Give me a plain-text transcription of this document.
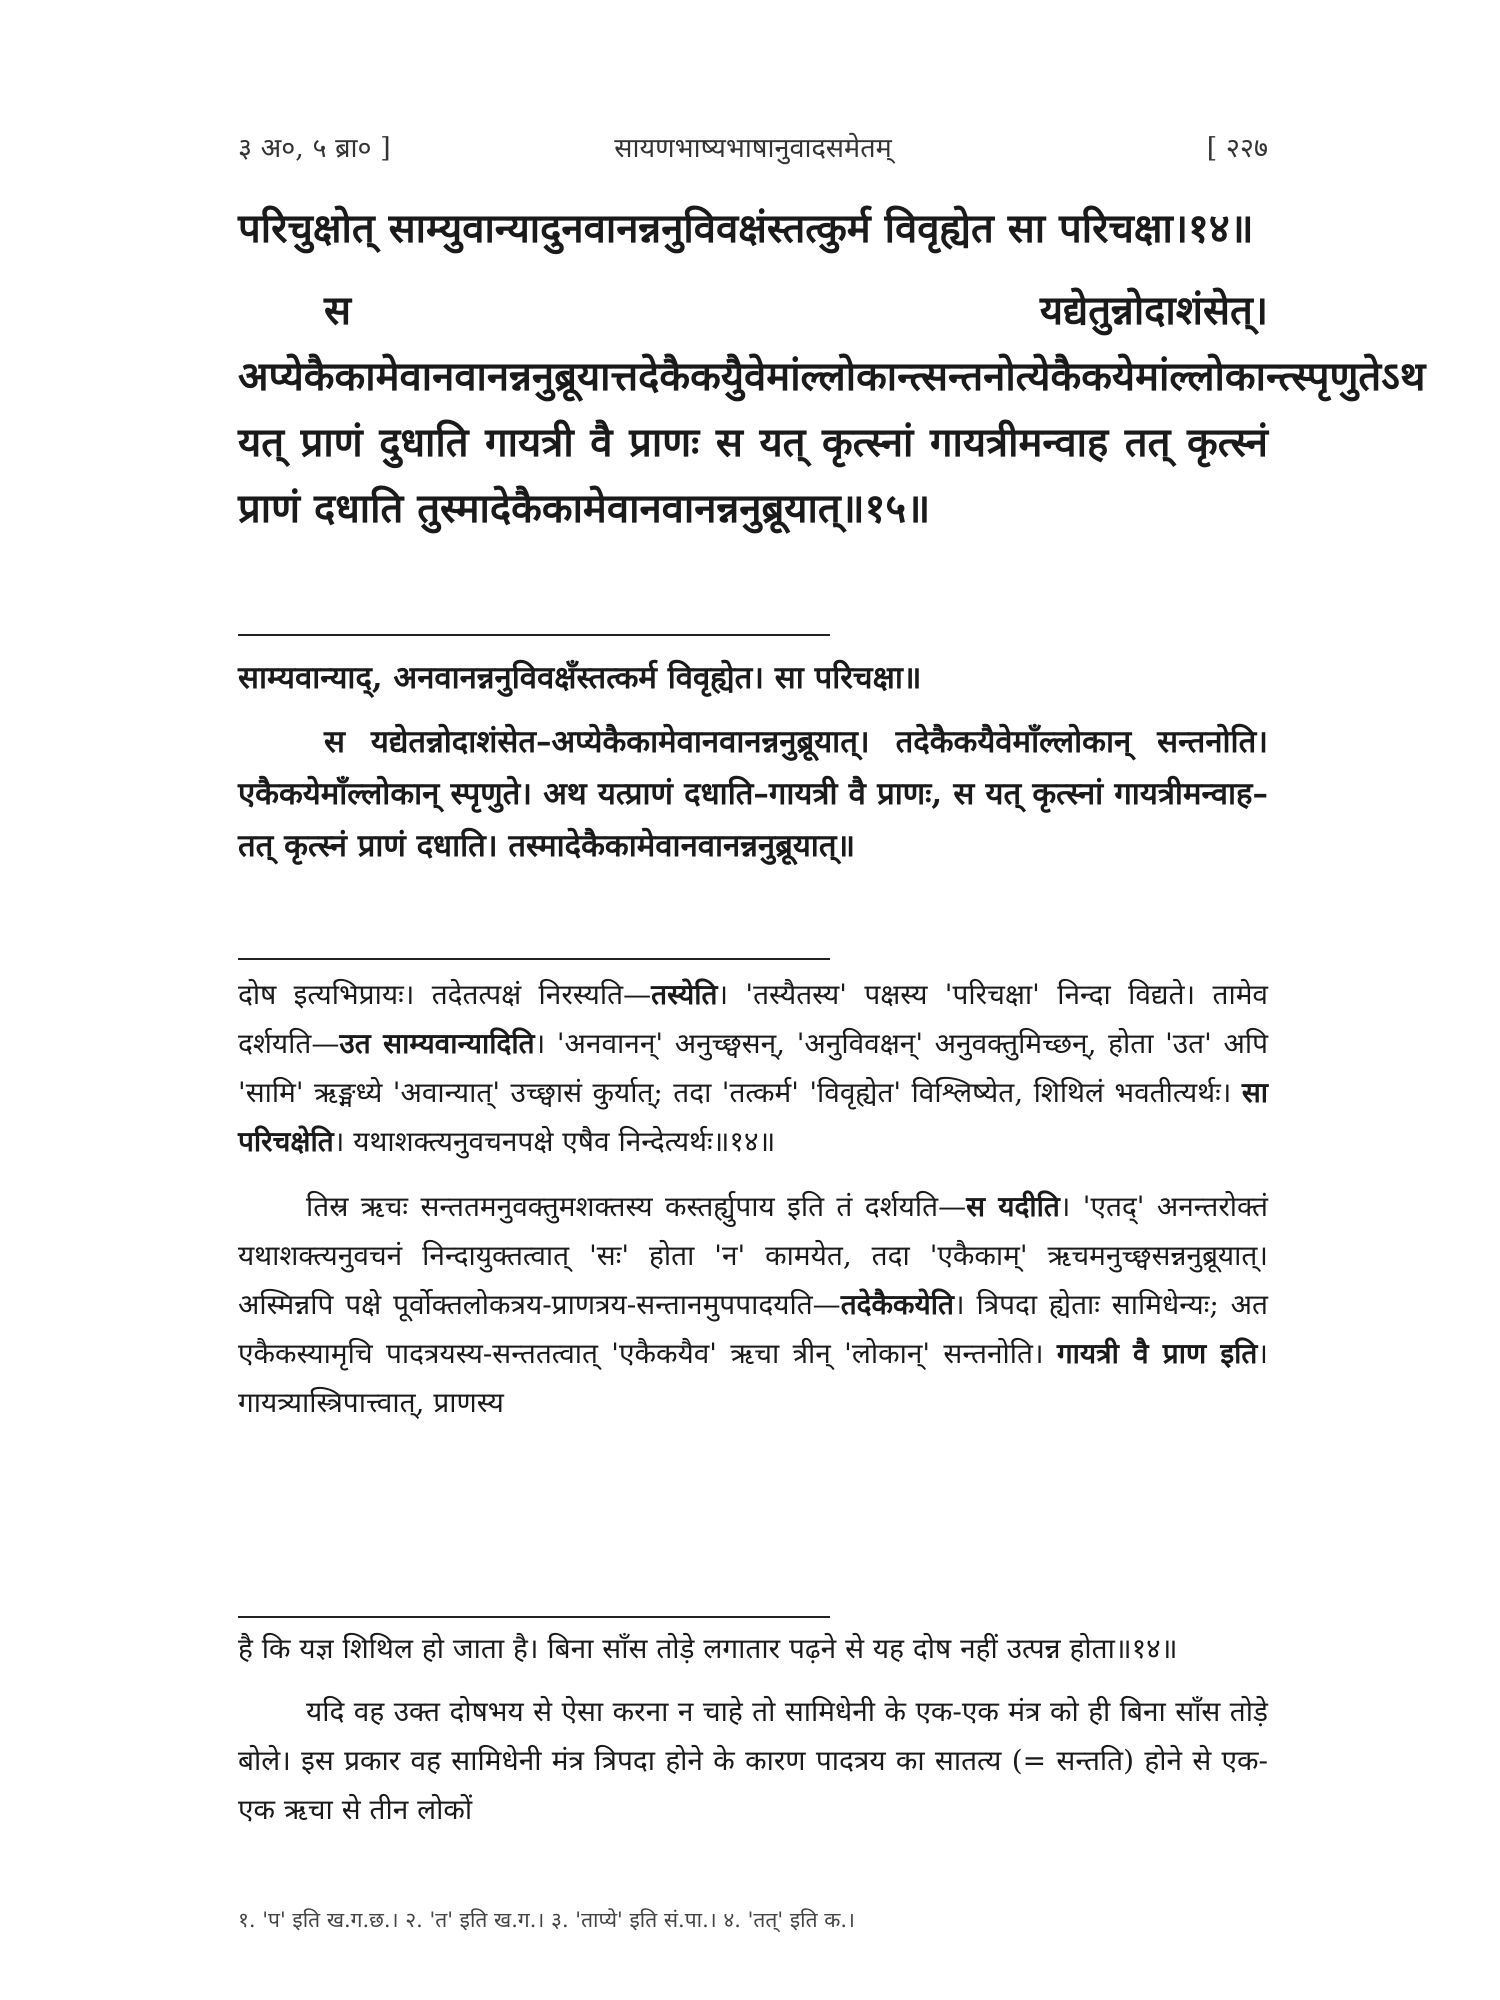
३ अ०, ५ ब्रा० ]	सायणभाष्यभाषानुवादसमेतम्	[ २२७
परिचुक्षोत् साम्युवान्यादुनवानन्ननुविवक्षंस्तत्कुर्म विवृह्येत सा परिचक्षा।१४॥
स यद्येतुन्नोदाशंसेत्। अप्येकैकामेवानवानन्ननुब्रूयात्तदेकैकयुैवेमांल्लोकान्त्सन्तनोत्येकैकयेमांल्लोकान्त्स्पृणुतेऽथ यत् प्राणं दुधाति गायत्री वै प्राणः स यत् कृत्स्नां गायत्रीमन्वाह तत् कृत्स्नं प्राणं दधाति तुस्मादेकैकामेवानवानन्ननुब्रूयात्॥१५॥
साम्यवान्याद्, अनवानन्ननुविवक्षँस्तत्कर्म विवृह्येत। सा परिचक्षा॥
स यद्येतन्नोदाशंसेत–अप्येकैकामेवानवानन्ननुब्रूयात्। तदेकैकयैवेमाँल्लोकान् सन्तनोति। एकैकयेमाँल्लोकान् स्पृणुते। अथ यत्प्राणं दधाति–गायत्री वै प्राणः, स यत् कृत्स्नां गायत्रीमन्वाह–तत् कृत्स्नं प्राणं दधाति। तस्मादेकैकामेवानवानन्ननुब्रूयात्॥
दोष इत्यभिप्रायः। तदेतत्पक्षं निरस्यति—तस्येति। 'तस्यैतस्य' पक्षस्य 'परिचक्षा' निन्दा विद्यते। तामेव दर्शयति—उत साम्यवान्यादिति। 'अनवानन्' अनुच्छ्वसन्, 'अनुविवक्षन्' अनुवक्तुमिच्छन्, होता 'उत' अपि 'सामि' ऋङ्मध्ये 'अवान्यात्' उच्छ्वासं कुर्यात्; तदा 'तत्कर्म' 'विवृह्येत' विश्लिष्येत, शिथिलं भवतीत्यर्थः। सा परिचक्षेति। यथाशक्त्यनुवचनपक्षे एषैव निन्देत्यर्थः॥१४॥
तिस्र ऋचः सन्ततमनुवक्तुमशक्तस्य कस्तर्ह्युपाय इति तं दर्शयति—स यदीति। 'एतद्' अनन्तरोक्तं यथाशक्त्यनुवचनं निन्दायुक्तत्वात् 'सः' होता 'न' कामयेत, तदा 'एकैकाम्' ऋचमनुच्छ्वसन्ननुब्रूयात्। अस्मिन्नपि पक्षे पूर्वोक्तलोकत्रय-प्राणत्रय-सन्तानमुपपादयति—तदेकैकयेति। त्रिपदा ह्येताः सामिधेन्यः; अत एकैकस्यामृचि पादत्रयस्य-सन्ततत्वात् 'एकैकयैव' ऋचा त्रीन् 'लोकान्' सन्तनोति। गायत्री वै प्राण इति। गायत्र्यास्त्रिपात्त्वात्, प्राणस्य
है कि यज्ञ शिथिल हो जाता है। बिना साँस तोड़े लगातार पढ़ने से यह दोष नहीं उत्पन्न होता॥१४॥
यदि वह उक्त दोषभय से ऐसा करना न चाहे तो सामिधेनी के एक-एक मंत्र को ही बिना साँस तोड़े बोले। इस प्रकार वह सामिधेनी मंत्र त्रिपदा होने के कारण पादत्रय का सातत्य (= सन्तति) होने से एक-एक ऋचा से तीन लोकों
१. 'प' इति ख.ग.छ.। २. 'त' इति ख.ग.। ३. 'ताप्ये' इति सं.पा.। ४. 'तत्' इति क.।
